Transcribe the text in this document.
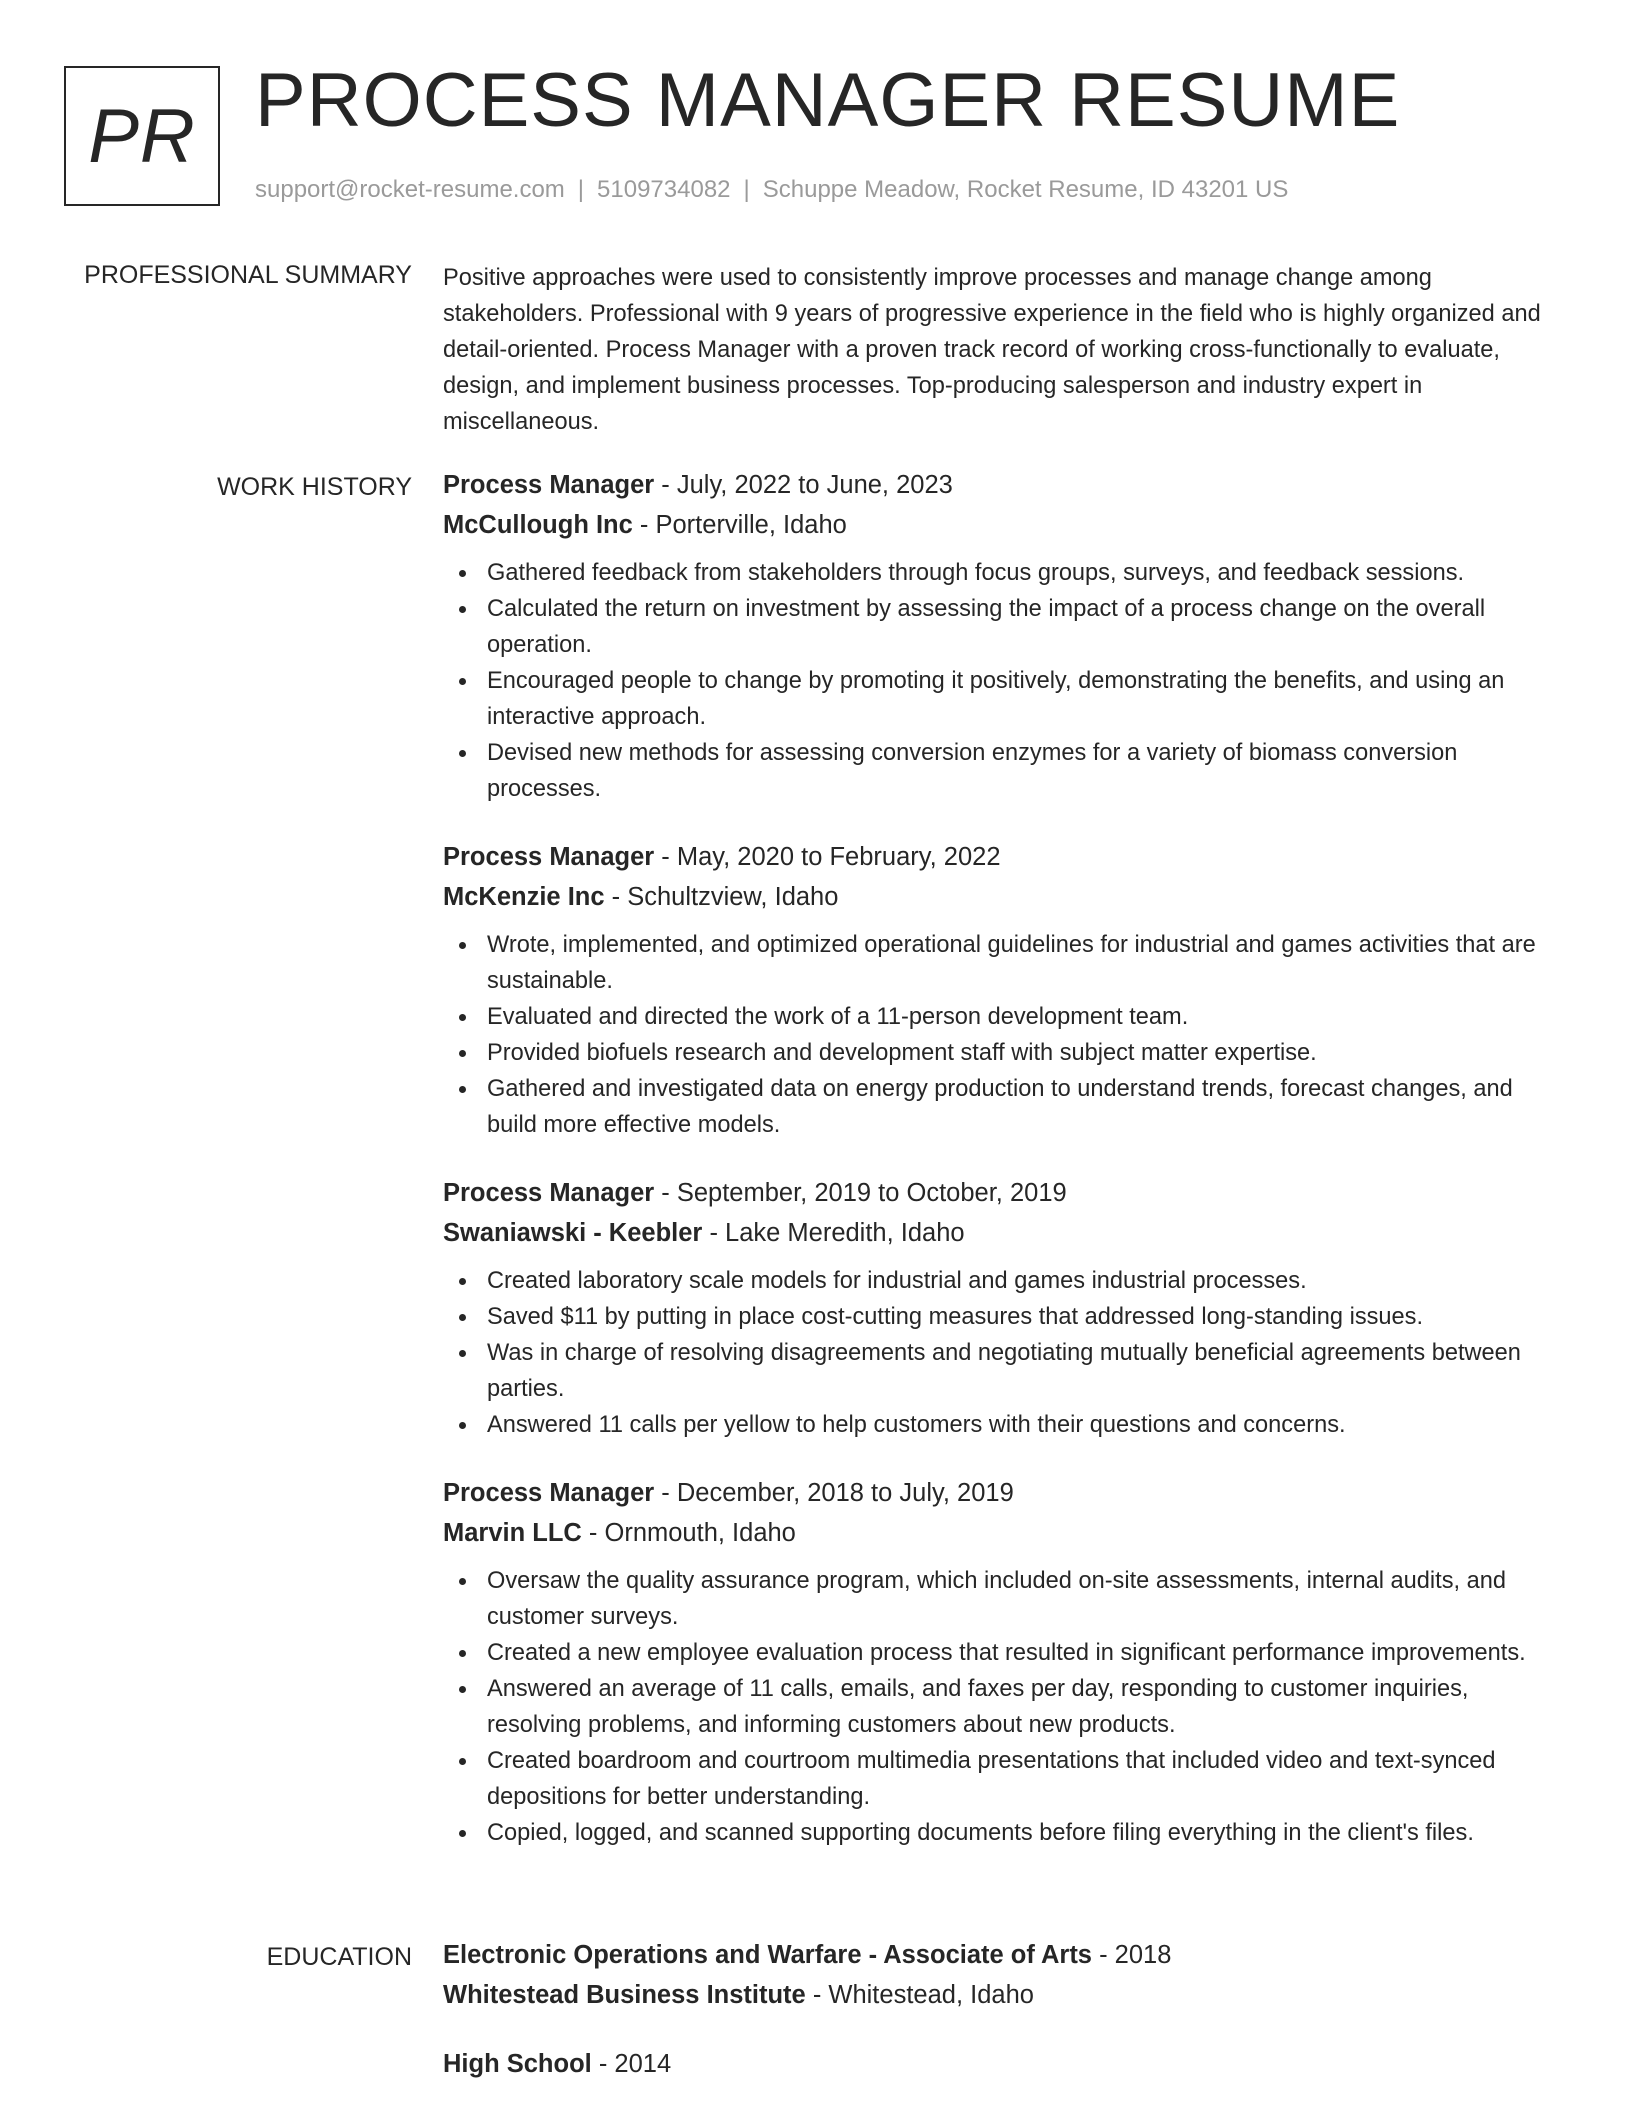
PR PROCESS MANAGER RESUME
support@rocket-resume.com | 5109734082 | Schuppe Meadow, Rocket Resume, ID 43201 US
PROFESSIONAL SUMMARY Positive approaches were used to consistently improve processes and manage change among stakeholders. Professional with 9 years of progressive experience in the field who is highly organized and detail-oriented. Process Manager with a proven track record of working cross-functionally to evaluate, design, and implement business processes. Top-producing salesperson and industry expert in miscellaneous.

WORK HISTORY Process Manager - July, 2022 to June, 2023
McCullough Inc - Porterville, Idaho
Gathered feedback from stakeholders through focus groups, surveys, and feedback sessions.
Calculated the return on investment by assessing the impact of a process change on the overall operation.
Encouraged people to change by promoting it positively, demonstrating the benefits, and using an interactive approach.
Devised new methods for assessing conversion enzymes for a variety of biomass conversion processes.
Process Manager - May, 2020 to February, 2022
McKenzie Inc - Schultzview, Idaho
Wrote, implemented, and optimized operational guidelines for industrial and games activities that are sustainable.
Evaluated and directed the work of a 11-person development team.
Provided biofuels research and development staff with subject matter expertise.
Gathered and investigated data on energy production to understand trends, forecast changes, and build more effective models.
Process Manager - September, 2019 to October, 2019
Swaniawski - Keebler - Lake Meredith, Idaho
Created laboratory scale models for industrial and games industrial processes.
Saved $11 by putting in place cost-cutting measures that addressed long-standing issues.
Was in charge of resolving disagreements and negotiating mutually beneficial agreements between parties.
Answered 11 calls per yellow to help customers with their questions and concerns.
Process Manager - December, 2018 to July, 2019
Marvin LLC - Ornmouth, Idaho
Oversaw the quality assurance program, which included on-site assessments, internal audits, and customer surveys.
Created a new employee evaluation process that resulted in significant performance improvements.
Answered an average of 11 calls, emails, and faxes per day, responding to customer inquiries, resolving problems, and informing customers about new products.
Created boardroom and courtroom multimedia presentations that included video and text-synced depositions for better understanding.
Copied, logged, and scanned supporting documents before filing everything in the client's files.
EDUCATION Electronic Operations and Warfare - Associate of Arts - 2018
Whitestead Business Institute - Whitestead, Idaho
High School - 2014
